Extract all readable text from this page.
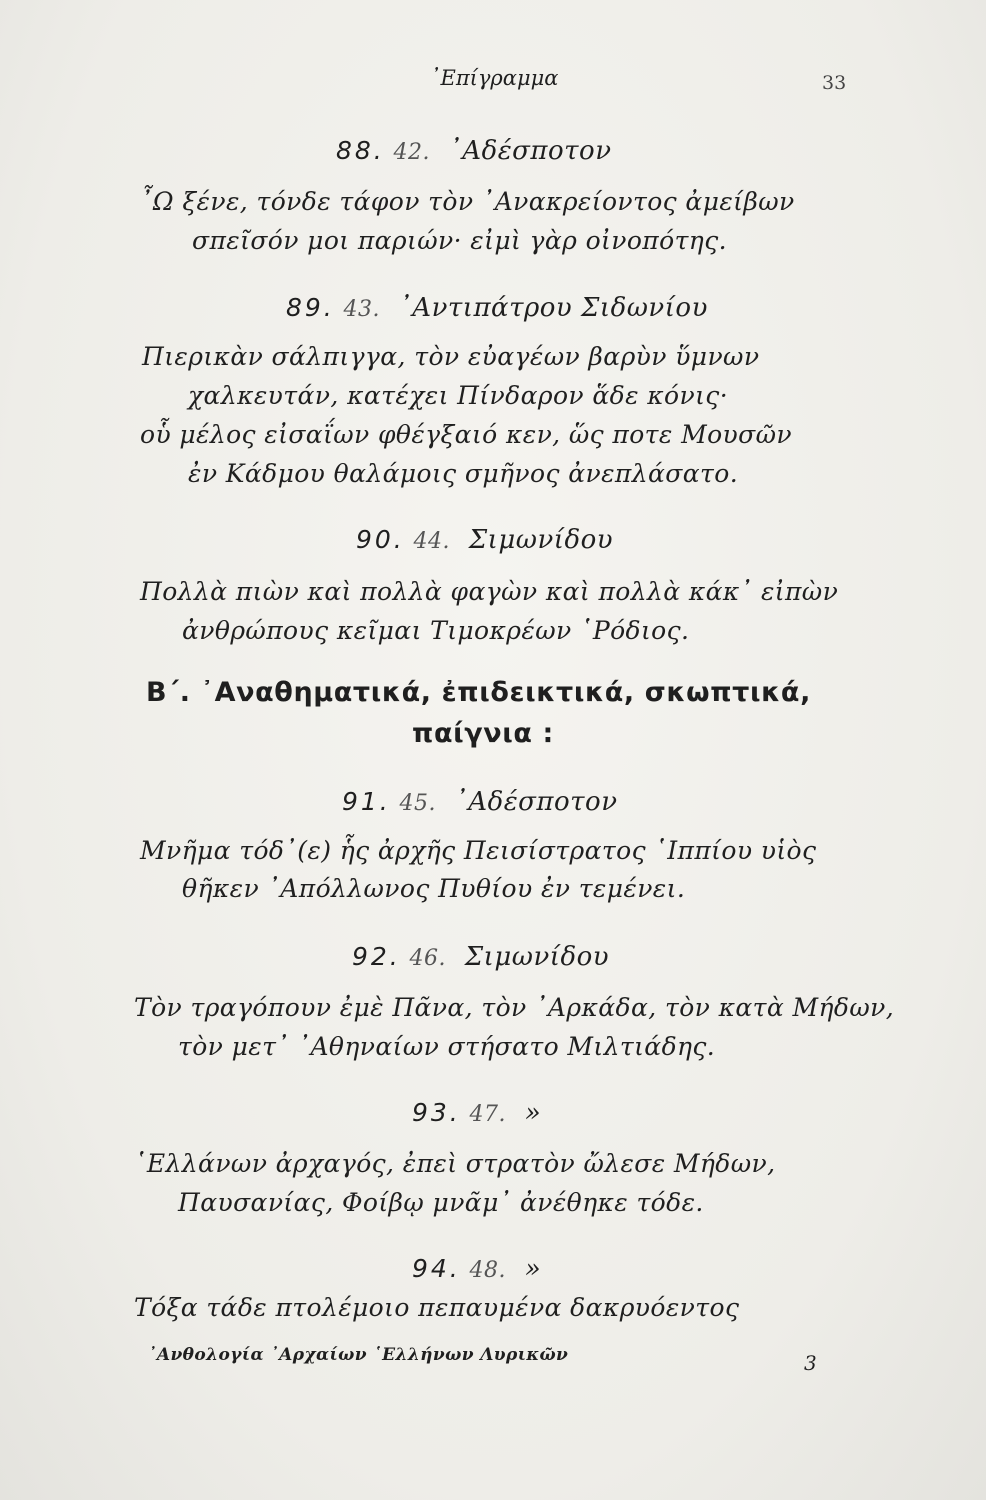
᾽Επίγραμμα	33
88. 42. ᾽Αδέσποτον
῏Ω ξένε, τόνδε τάφον τὸν ᾽Ανακρείοντος ἀμείβων
σπεῖσόν μοι παριών· εἰμὶ γὰρ οἰνοπότης.
89. 43. ᾽Αντιπάτρου Σιδωνίου
Πιερικὰν σάλπιγγα, τὸν εὐαγέων βαρὺν ὕμνων
χαλκευτάν, κατέχει Πίνδαρον ἅδε κόνις·
οὗ μέλος εἰσαΐων φθέγξαιό κεν, ὥς ποτε Μουσῶν
ἐν Κάδμου θαλάμοις σμῆνος ἀνεπλάσατο.
90. 44. Σιμωνίδου
Πολλὰ πιὼν καὶ πολλὰ φαγὼν καὶ πολλὰ κάκ᾽ εἰπὼν
ἀνθρώπους κεῖμαι Τιμοκρέων ῾Ρόδιος.
Β΄. ᾽Αναθηματικά, ἐπιδεικτικά, σκωπτικά,
παίγνια :
91. 45. ᾽Αδέσποτον
Μνῆμα τόδ᾽(ε) ἧς ἀρχῆς Πεισίστρατος ῾Ιππίου υἱὸς
θῆκεν ᾽Απόλλωνος Πυθίου ἐν τεμένει.
92. 46. Σιμωνίδου
Τὸν τραγόπουν ἐμὲ Πᾶνα, τὸν ᾽Αρκάδα, τὸν κατὰ Μήδων,
τὸν μετ᾽ ᾽Αθηναίων στήσατο Μιλτιάδης.
93. 47. »
῾Ελλάνων ἀρχαγός, ἐπεὶ στρατὸν ὤλεσε Μήδων,
Παυσανίας, Φοίβῳ μνᾶμ᾽ ἀνέθηκε τόδε.
94. 48. »
Τόξα τάδε πτολέμοιο πεπαυμένα δακρυόεντος
᾽Ανθολογία ᾽Αρχαίων ῾Ελλήνων Λυρικῶν	3
